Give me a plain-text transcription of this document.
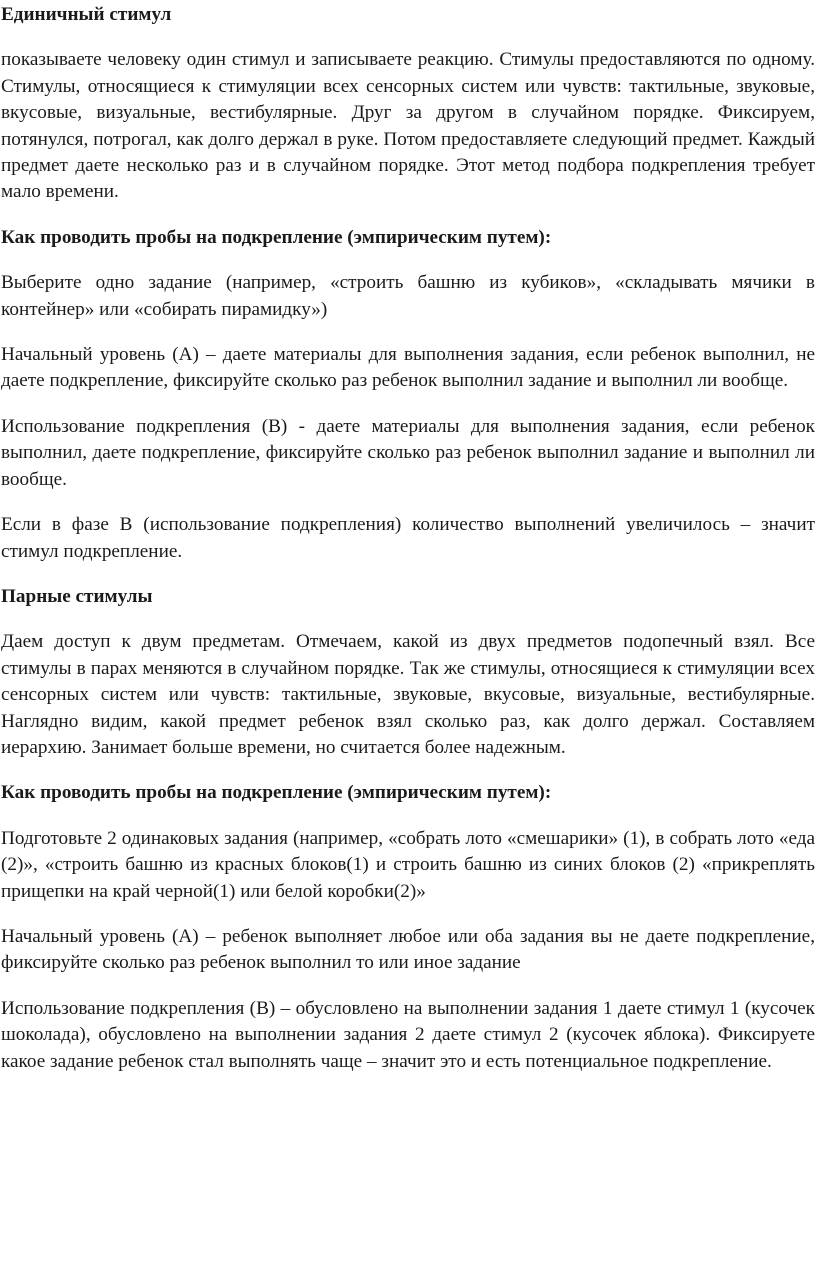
Единичный стимул

показываете человеку один стимул и записываете реакцию. Стимулы предоставляются по одному. Стимулы, относящиеся к стимуляции всех сенсорных систем или чувств: тактильные, звуковые, вкусовые, визуальные, вестибулярные. Друг за другом в случайном порядке. Фиксируем, потянулся, потрогал, как долго держал в руке. Потом предоставляете следующий предмет. Каждый предмет даете несколько раз и в случайном порядке. Этот метод подбора подкрепления требует мало времени.

Как проводить пробы на подкрепление (эмпирическим путем):

Выберите одно задание (например, «строить башню из кубиков», «складывать мячики в контейнер» или «собирать пирамидку»)

Начальный уровень (А) – даете материалы для выполнения задания, если ребенок выполнил, не даете подкрепление, фиксируйте сколько раз ребенок выполнил задание и выполнил ли вообще.

Использование подкрепления (В) - даете материалы для выполнения задания, если ребенок выполнил, даете подкрепление, фиксируйте сколько раз ребенок выполнил задание и выполнил ли вообще.

Если в фазе В (использование подкрепления) количество выполнений увеличилось – значит стимул подкрепление.

Парные стимулы

Даем доступ к двум предметам. Отмечаем, какой из двух предметов подопечный взял. Все стимулы в парах меняются в случайном порядке. Так же стимулы, относящиеся к стимуляции всех сенсорных систем или чувств: тактильные, звуковые, вкусовые, визуальные, вестибулярные. Наглядно видим, какой предмет ребенок взял сколько раз, как долго держал. Составляем иерархию. Занимает больше времени, но считается более надежным.

Как проводить пробы на подкрепление (эмпирическим путем):

Подготовьте 2 одинаковых задания (например, «собрать лото «смешарики» (1), в собрать лото «еда (2)», «строить башню из красных блоков(1) и строить башню из синих блоков (2) «прикреплять прищепки на край черной(1) или белой коробки(2)»

Начальный уровень (А) – ребенок выполняет любое или оба задания вы не даете подкрепление, фиксируйте сколько раз ребенок выполнил то или иное задание

Использование подкрепления (В) – обусловлено на выполнении задания 1 даете стимул 1 (кусочек шоколада), обусловлено на выполнении задания 2 даете стимул 2 (кусочек яблока). Фиксируете какое задание ребенок стал выполнять чаще – значит это и есть потенциальное подкрепление.
